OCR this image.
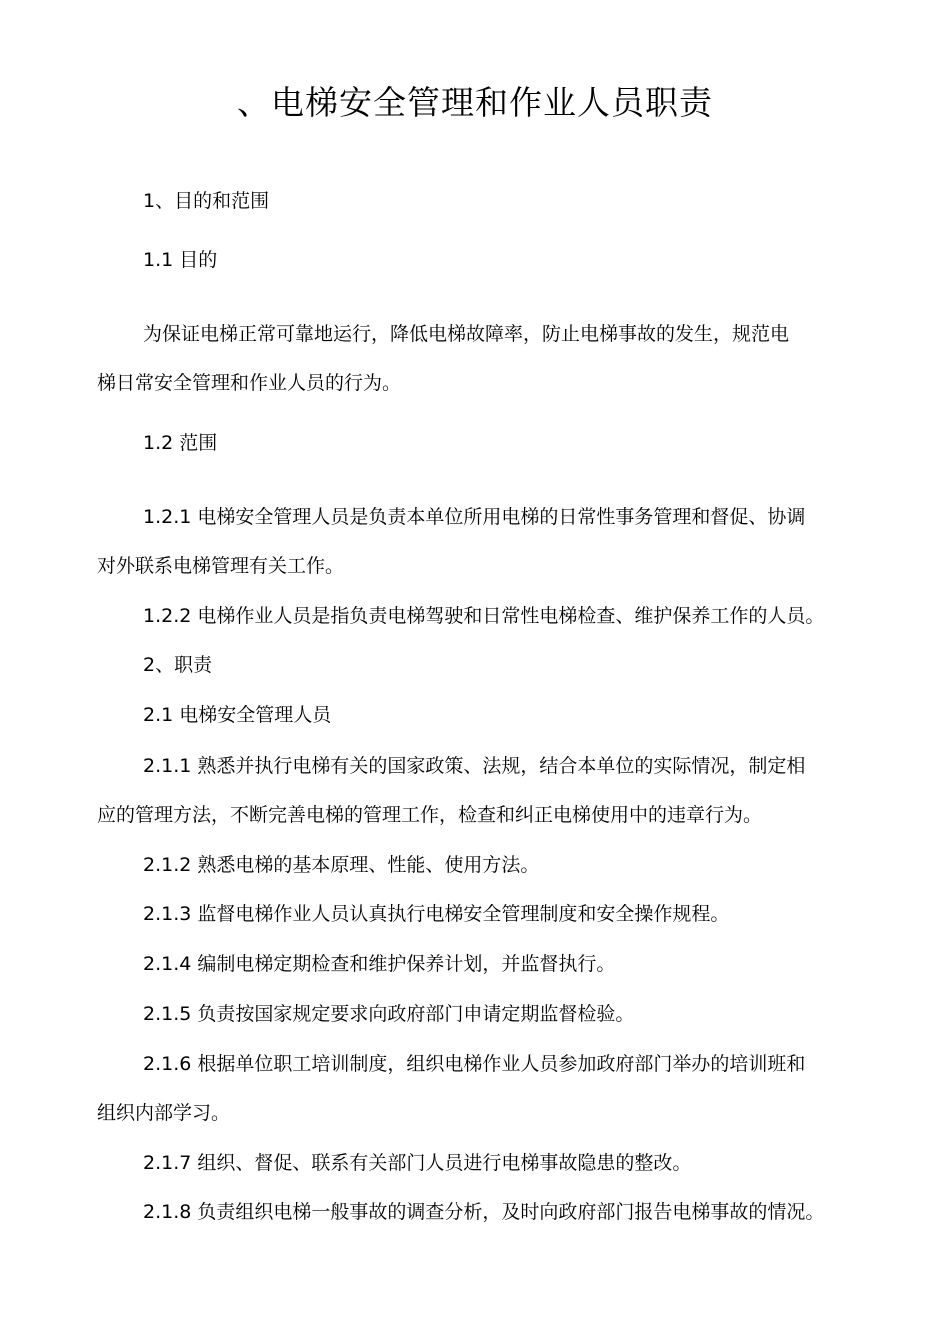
、电梯安全管理和作业人员职责
1、目的和范围
1.1 目的
为保证电梯正常可靠地运行，降低电梯故障率，防止电梯事故的发生，规范电
梯日常安全管理和作业人员的行为。
1.2 范围
1.2.1 电梯安全管理人员是负责本单位所用电梯的日常性事务管理和督促、协调
对外联系电梯管理有关工作。
1.2.2 电梯作业人员是指负责电梯驾驶和日常性电梯检查、维护保养工作的人员。
2、职责
2.1 电梯安全管理人员
2.1.1 熟悉并执行电梯有关的国家政策、法规，结合本单位的实际情况，制定相
应的管理方法，不断完善电梯的管理工作，检查和纠正电梯使用中的违章行为。
2.1.2 熟悉电梯的基本原理、性能、使用方法。
2.1.3 监督电梯作业人员认真执行电梯安全管理制度和安全操作规程。
2.1.4 编制电梯定期检查和维护保养计划，并监督执行。
2.1.5 负责按国家规定要求向政府部门申请定期监督检验。
2.1.6 根据单位职工培训制度，组织电梯作业人员参加政府部门举办的培训班和
组织内部学习。
2.1.7 组织、督促、联系有关部门人员进行电梯事故隐患的整改。
2.1.8 负责组织电梯一般事故的调查分析，及时向政府部门报告电梯事故的情况。
